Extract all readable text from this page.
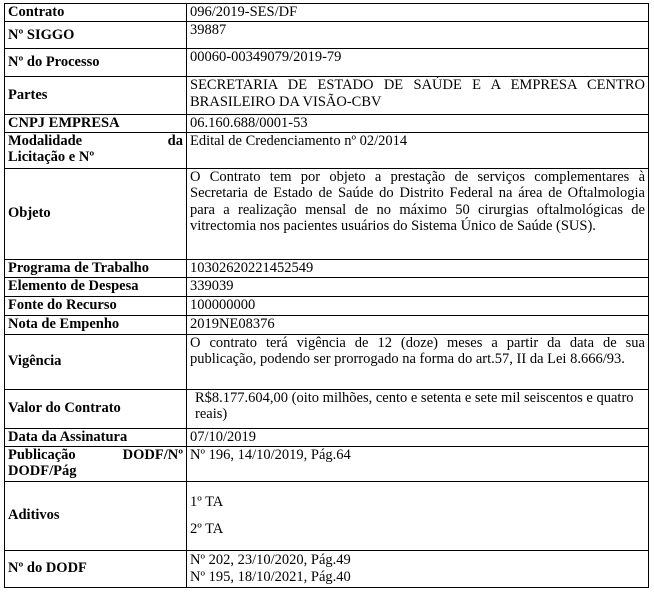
Contrato	096/2019-SES/DF
Nº SIGGO	39887
Nº do Processo	00060-00349079/2019-79
Partes	SECRETARIA DE ESTADO DE SAÚDE E A EMPRESA CENTRO BRASILEIRO DA VISÃO-CBV
CNPJ EMPRESA	06.160.688/0001-53

Modalidade da
Licitação e Nº	Edital de Credenciamento nº 02/2014
Objeto	O Contrato tem por objeto a prestação de serviços complementares à Secretaria de Estado de Saúde do Distrito Federal na área de Oftalmologia para a realização mensal de no máximo 50 cirurgias oftalmológicas de vitrectomia nos pacientes usuários do Sistema Único de Saúde (SUS).
Programa de Trabalho	10302620221452549
Elemento de Despesa	339039
Fonte do Recurso	100000000
Nota de Empenho	2019NE08376
Vigência	O contrato terá vigência de 12 (doze) meses a partir da data de sua publicação, podendo ser prorrogado na forma do art.57, II da Lei 8.666/93.
Valor do Contrato	R$8.177.604,00 (oito milhões, cento e setenta e sete mil seiscentos e quatro reais)
Data da Assinatura	07/10/2019

Publicação DODF/Nº
DODF/Pág	Nº 196, 14/10/2019, Pág.64
Aditivos	1º TA
2º TA

Nº do DODF	Nº 202, 23/10/2020, Pág.49
Nº 195, 18/10/2021, Pág.40
